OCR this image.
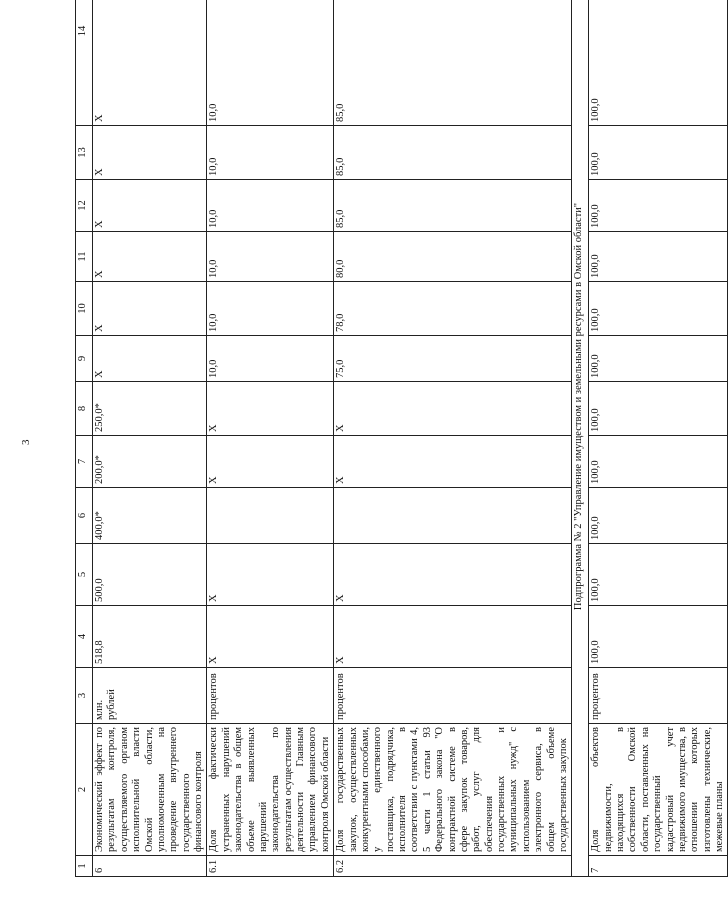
3
1	2	3	4	5	6	7	8	9	10	11	12	13	14
6	Экономический эффект по результатам контроля, осуществляемого органом исполнительной власти Омской области, уполномоченным на проведение внутреннего государственного финансового контроля	млн. рублей	518,8	500,0	400,0*	200,0*	250,0*	X	X	X	X	X	X
6.1	Доля фактически устраненных нарушений законодательства в общем объеме выявленных нарушений законодательства по результатам осуществления деятельности Главным управлением финансового контроля Омской области	процентов	X	X		X	X	10,0	10,0	10,0	10,0	10,0	10,0
6.2	Доля государственных закупок, осуществленных конкурентными способами, у единственного поставщика, подрядчика, исполнителя в соответствии с пунктами 4, 5 части 1 статьи 93 Федерального закона "О контрактной системе в сфере закупок товаров, работ, услуг для обеспечения государственных и муниципальных нужд" с использованием электронного сервиса, в общем объеме государственных закупок	процентов	X	X		X	X	75,0	78,0	80,0	85,0	85,0	85,0
Подпрограмма № 2 "Управление имуществом и земельными ресурсами в Омской области"													
7	Доля объектов недвижимости, находящихся в собственности Омской области, поставленных на государственный кадастровый учет недвижимого имущества, в отношении которых изготовлены технические, межевые планы	процентов	100,0	100,0	100,0	100,0	100,0	100,0	100,0	100,0	100,0	100,0	100,0
